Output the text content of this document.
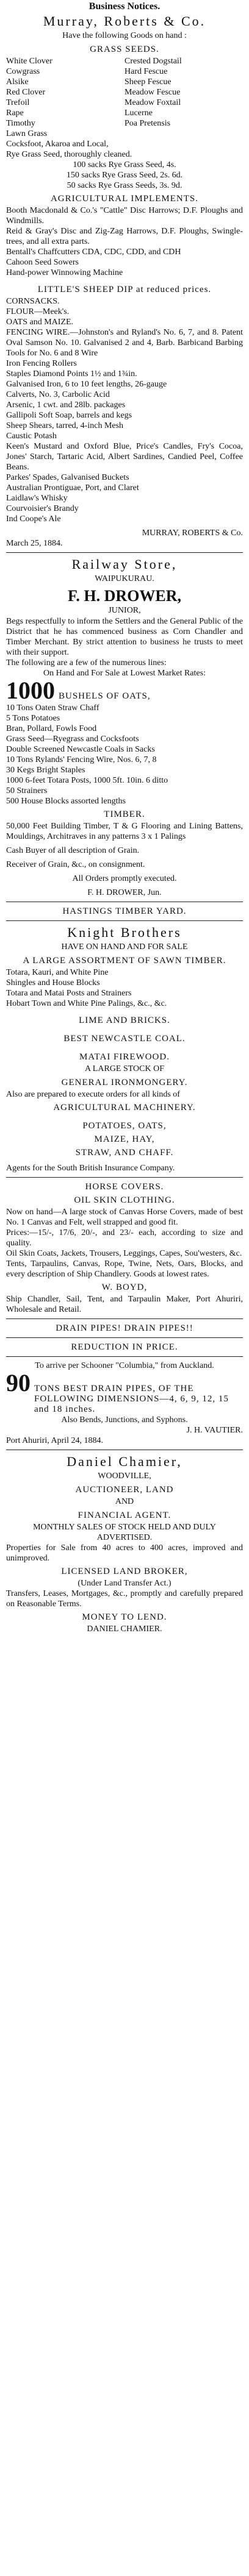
Business Notices.
Murray, Roberts & Co.
Have the following Goods on hand :
GRASS SEEDS.
White Clover
Cowgrass
Alsike
Red Clover
Trefoil
Rape
Timothy
Lawn Grass
Crested Dogstail
Hard Fescue
Sheep Fescue
Meadow Fescue
Meadow Foxtail
Lucerne
Poa Pretensis

Cocksfoot, Akaroa and Local,

Rye Grass Seed, thoroughly cleaned.

100 sacks Rye Grass Seed, 4s.

150 sacks Rye Grass Seed, 2s. 6d.

50 sacks Rye Grass Seeds, 3s. 9d.

AGRICULTURAL IMPLEMENTS.

Booth Macdonald & Co.'s "Cattle" Disc Harrows; D.F. Ploughs and Windmills.

Reid & Gray's Disc and Zig-Zag Harrows, D.F. Ploughs, Swingle-trees, and all extra parts.

Bentall's Chaffcutters CDA, CDC, CDD, and CDH

Cahoon Seed Sowers

Hand-power Winnowing Machine

LITTLE'S SHEEP DIP at reduced prices.

CORNSACKS.

FLOUR—Meek's.

OATS and MAIZE.

FENCING WIRE.—Johnston's and Ryland's No. 6, 7, and 8. Patent Oval Samson No. 10. Galvanised 2 and 4, Barb. Barbicand Barbing Tools for No. 6 and 8 Wire

Iron Fencing Rollers

Staples Diamond Points 1½ and 1¾in.

Galvanised Iron, 6 to 10 feet lengths, 26-gauge

Calverts, No. 3, Carbolic Acid

Arsenic, 1 cwt. and 28lb. packages

Gallipoli Soft Soap, barrels and kegs

Sheep Shears, tarred, 4-inch Mesh

Caustic Potash

Keen's Mustard and Oxford Blue, Price's Candles, Fry's Cocoa, Jones' Starch, Tartaric Acid, Albert Sardines, Candied Peel, Coffee Beans.

Parkes' Spades, Galvanised Buckets

Australian Prontiguae, Port, and Claret

Laidlaw's Whisky

Courvoisier's Brandy

Ind Coope's Ale

MURRAY, ROBERTS & Co.
March 25, 1884.
Railway Store,
WAIPUKURAU.
F. H. DROWER,
JUNIOR,

Begs respectfully to inform the Settlers and the General Public of the District that he has commenced business as Corn Chandler and Timber Merchant. By strict attention to business he trusts to meet with their support.

The following are a few of the numerous lines:

On Hand and For Sale at Lowest Market Rates:

1000 BUSHELS OF OATS,

10 Tons Oaten Straw Chaff

5 Tons Potatoes

Bran, Pollard, Fowls Food

Grass Seed—Ryegrass and Cocksfoots

Double Screened Newcastle Coals in Sacks

10 Tons Rylands' Fencing Wire, Nos. 6, 7, 8

30 Kegs Bright Staples

1000 6-feet Totara Posts, 1000 5ft. 10in. 6 ditto

50 Strainers

500 House Blocks assorted lengths

TIMBER.

50,000 Feet Building Timber, T & G Flooring and Lining Battens, Mouldings, Architraves in any patterns 3 x 1 Palings

Cash Buyer of all description of Grain.

Receiver of Grain, &c., on consignment.

All Orders promptly executed.

F. H. DROWER, Jun.
HASTINGS TIMBER YARD.
Knight Brothers
HAVE ON HAND AND FOR SALE
A LARGE ASSORTMENT OF SAWN TIMBER.

Totara, Kauri, and White Pine

Shingles and House Blocks

Totara and Matai Posts and Strainers

Hobart Town and White Pine Palings, &c., &c.

LIME AND BRICKS.
BEST NEWCASTLE COAL.
MATAI FIREWOOD.
A LARGE STOCK OF
GENERAL IRONMONGERY.

Also are prepared to execute orders for all kinds of

AGRICULTURAL MACHINERY.
POTATOES, OATS,
MAIZE, HAY,
STRAW, AND CHAFF.

Agents for the South British Insurance Company.

HORSE COVERS.
OIL SKIN CLOTHING.

Now on hand—A large stock of Canvas Horse Covers, made of best No. 1 Canvas and Felt, well strapped and good fit.

Prices:—15/-, 17/6, 20/-, and 23/- each, according to size and quality.

Oil Skin Coats, Jackets, Trousers, Leggings, Capes, Sou'westers, &c.

Tents, Tarpaulins, Canvas, Rope, Twine, Nets, Oars, Blocks, and every description of Ship Chandlery. Goods at lowest rates.

W. BOYD,

Ship Chandler, Sail, Tent, and Tarpaulin Maker, Port Ahuriri, Wholesale and Retail.

DRAIN PIPES! DRAIN PIPES!!
REDUCTION IN PRICE.

To arrive per Schooner "Columbia," from Auckland.

90 TONS BEST DRAIN PIPES, OF THE FOLLOWING DIMENSIONS—4, 6, 9, 12, 15 and 18 inches.

Also Bends, Junctions, and Syphons.

J. H. VAUTIER.
Port Ahuriri, April 24, 1884.
Daniel Chamier,
WOODVILLE,
AUCTIONEER, LAND
AND
FINANCIAL AGENT.

MONTHLY SALES OF STOCK HELD AND DULY ADVERTISED.

Properties for Sale from 40 acres to 400 acres, improved and unimproved.

LICENSED LAND BROKER,

(Under Land Transfer Act.)

Transfers, Leases, Mortgages, &c., promptly and carefully prepared on Reasonable Terms.

MONEY TO LEND.
DANIEL CHAMIER.
